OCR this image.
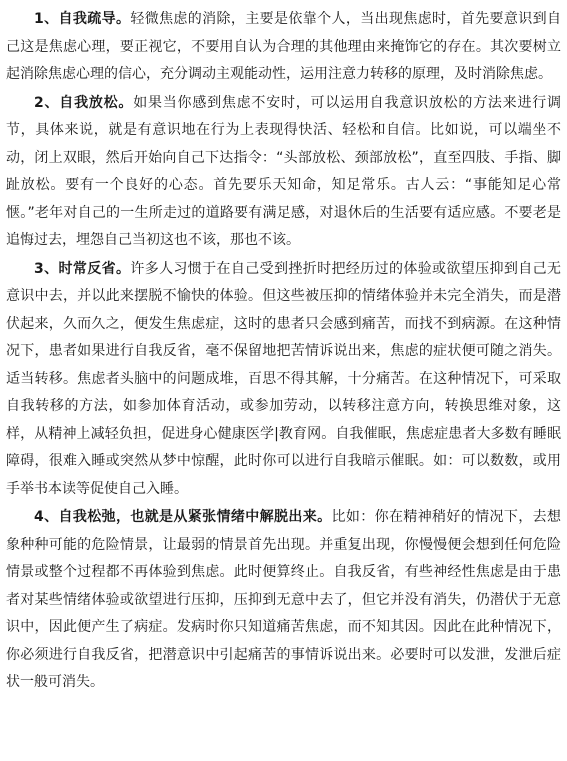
1、自我疏导。轻微焦虑的消除，主要是依靠个人，当出现焦虑时，首先要意识到自己这是焦虑心理，要正视它，不要用自认为合理的其他理由来掩饰它的存在。其次要树立起消除焦虑心理的信心，充分调动主观能动性，运用注意力转移的原理，及时消除焦虑。

2、自我放松。如果当你感到焦虑不安时，可以运用自我意识放松的方法来进行调节，具体来说，就是有意识地在行为上表现得快活、轻松和自信。比如说，可以端坐不动，闭上双眼，然后开始向自己下达指令：“头部放松、颈部放松”，直至四肢、手指、脚趾放松。要有一个良好的心态。首先要乐天知命，知足常乐。古人云：“事能知足心常惬。”老年对自己的一生所走过的道路要有满足感，对退休后的生活要有适应感。不要老是追悔过去，埋怨自己当初这也不该，那也不该。

3、时常反省。许多人习惯于在自己受到挫折时把经历过的体验或欲望压抑到自己无意识中去，并以此来摆脱不愉快的体验。但这些被压抑的情绪体验并未完全消失，而是潜伏起来，久而久之，便发生焦虑症，这时的患者只会感到痛苦，而找不到病源。在这种情况下，患者如果进行自我反省，毫不保留地把苦情诉说出来，焦虑的症状便可随之消失。适当转移。焦虑者头脑中的问题成堆，百思不得其解，十分痛苦。在这种情况下，可采取自我转移的方法，如参加体育活动，或参加劳动，以转移注意方向，转换思维对象，这样，从精神上减轻负担，促进身心健康医学|教育网。自我催眠，焦虑症患者大多数有睡眠障碍，很难入睡或突然从梦中惊醒，此时你可以进行自我暗示催眠。如：可以数数，或用手举书本读等促使自己入睡。

4、自我松弛，也就是从紧张情绪中解脱出来。比如：你在精神稍好的情况下，去想象种种可能的危险情景，让最弱的情景首先出现。并重复出现，你慢慢便会想到任何危险情景或整个过程都不再体验到焦虑。此时便算终止。自我反省，有些神经性焦虑是由于患者对某些情绪体验或欲望进行压抑，压抑到无意中去了，但它并没有消失，仍潜伏于无意识中，因此便产生了病症。发病时你只知道痛苦焦虑，而不知其因。因此在此种情况下，你必须进行自我反省，把潜意识中引起痛苦的事情诉说出来。必要时可以发泄，发泄后症状一般可消失。
